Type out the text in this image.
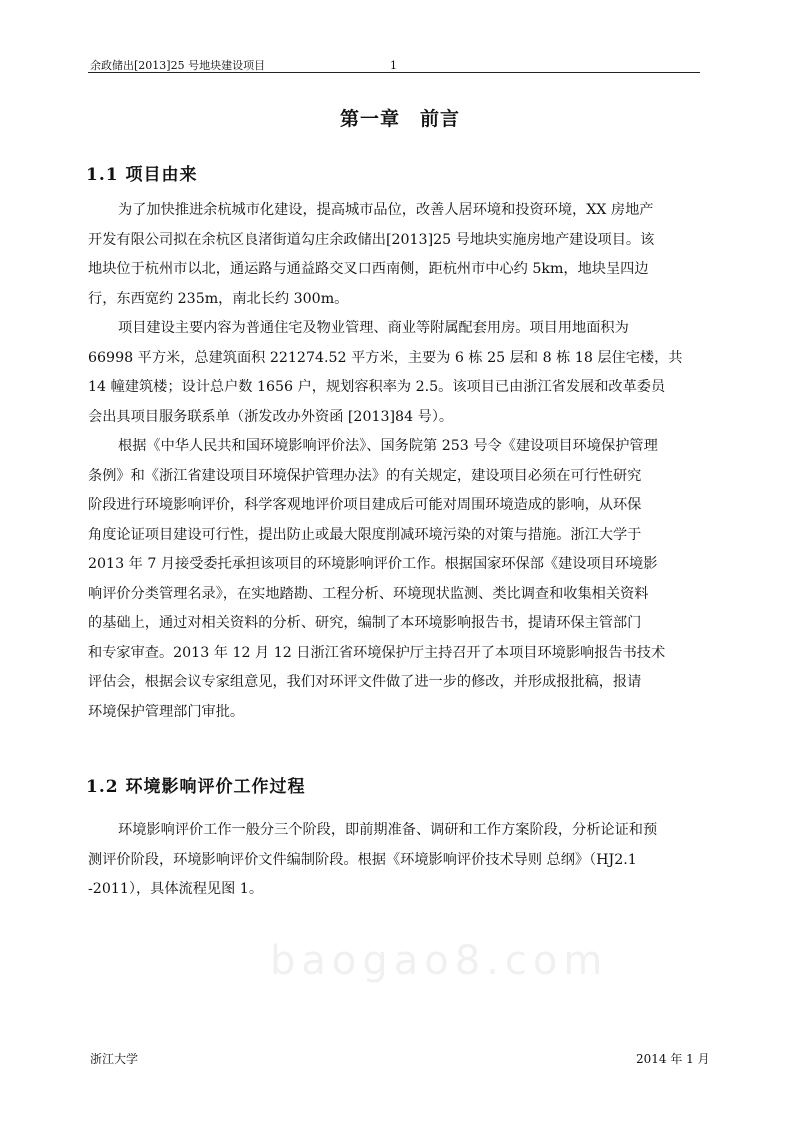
余政储出[2013]25 号地块建设项目	1
第一章　前言
1.1 项目由来
为了加快推进余杭城市化建设，提高城市品位，改善人居环境和投资环境，XX 房地产
开发有限公司拟在余杭区良渚街道勾庄余政储出[2013]25 号地块实施房地产建设项目。该
地块位于杭州市以北，通运路与通益路交叉口西南侧，距杭州市中心约 5km，地块呈四边
行，东西宽约 235m，南北长约 300m。
项目建设主要内容为普通住宅及物业管理、商业等附属配套用房。项目用地面积为
66998 平方米，总建筑面积 221274.52 平方米，主要为 6 栋 25 层和 8 栋 18 层住宅楼，共
14 幢建筑楼；设计总户数 1656 户，规划容积率为 2.5。该项目已由浙江省发展和改革委员
会出具项目服务联系单（浙发改办外资函 [2013]84 号）。
根据《中华人民共和国环境影响评价法》、国务院第 253 号令《建设项目环境保护管理
条例》和《浙江省建设项目环境保护管理办法》的有关规定，建设项目必须在可行性研究
阶段进行环境影响评价，科学客观地评价项目建成后可能对周围环境造成的影响，从环保
角度论证项目建设可行性，提出防止或最大限度削减环境污染的对策与措施。浙江大学于
2013 年 7 月接受委托承担该项目的环境影响评价工作。根据国家环保部《建设项目环境影
响评价分类管理名录》，在实地踏勘、工程分析、环境现状监测、类比调查和收集相关资料
的基础上，通过对相关资料的分析、研究，编制了本环境影响报告书，提请环保主管部门
和专家审查。2013 年 12 月 12 日浙江省环境保护厅主持召开了本项目环境影响报告书技术
评估会，根据会议专家组意见，我们对环评文件做了进一步的修改，并形成报批稿，报请
环境保护管理部门审批。
1.2 环境影响评价工作过程
环境影响评价工作一般分三个阶段，即前期准备、调研和工作方案阶段，分析论证和预
测评价阶段，环境影响评价文件编制阶段。根据《环境影响评价技术导则 总纲》（HJ2.1
-2011），具体流程见图 1。
baogao8.com
浙江大学	2014 年 1 月
